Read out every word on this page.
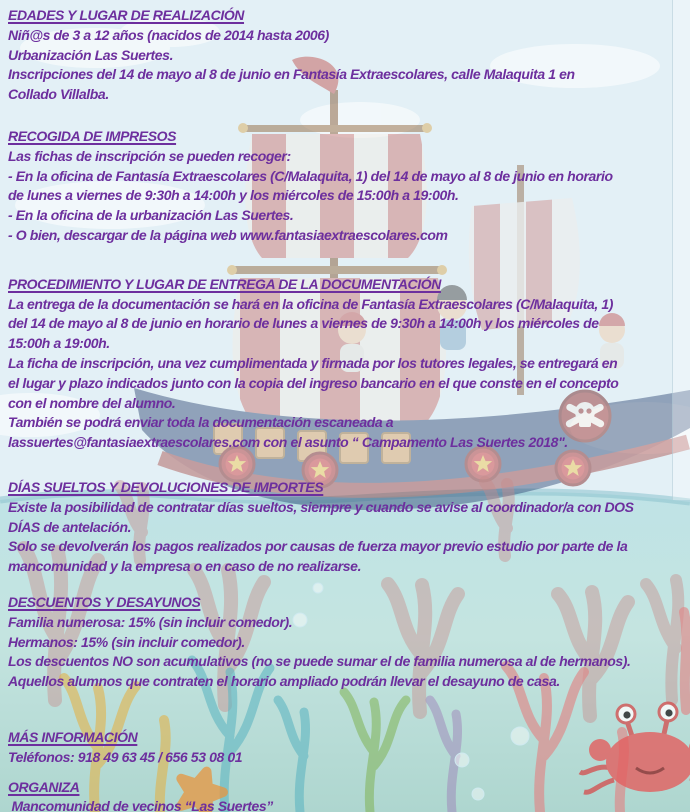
EDADES Y LUGAR DE REALIZACIÓN
Niñ@s de 3 a 12 años (nacidos de 2014 hasta 2006)
Urbanización Las Suertes.
Inscripciones del 14 de mayo al 8 de junio en Fantasía Extraescolares, calle Malaquita 1 en
Collado Villalba.
RECOGIDA DE IMPRESOS
Las fichas de inscripción se pueden recoger:
- En la oficina de Fantasía Extraescolares (C/Malaquita, 1) del 14 de mayo al 8 de junio en horario
de lunes a viernes de 9:30h a 14:00h y los miércoles de 15:00h a 19:00h.
- En la oficina de la urbanización Las Suertes.
- O bien, descargar de la página web www.fantasiaextraescolares.com
PROCEDIMIENTO Y LUGAR DE ENTREGA DE LA DOCUMENTACIÓN
La entrega de la documentación se hará en la oficina de Fantasía Extraescolares (C/Malaquita, 1)
del 14 de mayo al 8 de junio en horario de lunes a viernes de 9:30h a 14:00h y los miércoles de
15:00h a 19:00h.
La ficha de inscripción, una vez cumplimentada y firmada por los tutores legales, se entregará en
el lugar y plazo indicados junto con la copia del ingreso bancario en el que conste en el concepto
con el nombre del alumno.
También se podrá enviar toda la documentación escaneada a
lassuertes@fantasiaextraescolares.com con el asunto “ Campamento Las Suertes 2018".
DÍAS SUELTOS Y DEVOLUCIONES DE IMPORTES
Existe la posibilidad de contratar días sueltos, siempre y cuando se avise al coordinador/a con DOS
DÍAS de antelación.
Solo se devolverán los pagos realizados por causas de fuerza mayor previo estudio por parte de la
mancomunidad y la empresa o en caso de no realizarse.
DESCUENTOS Y DESAYUNOS
Familia numerosa: 15% (sin incluir comedor).
Hermanos: 15% (sin incluir comedor).
Los descuentos NO son acumulativos (no se puede sumar el de familia numerosa al de hermanos).
Aquellos alumnos que contraten el horario ampliado podrán llevar el desayuno de casa.
MÁS INFORMACIÓN
Teléfonos: 918 49 63 45 / 656 53 08 01
ORGANIZA
Mancomunidad de vecinos “Las Suertes”
